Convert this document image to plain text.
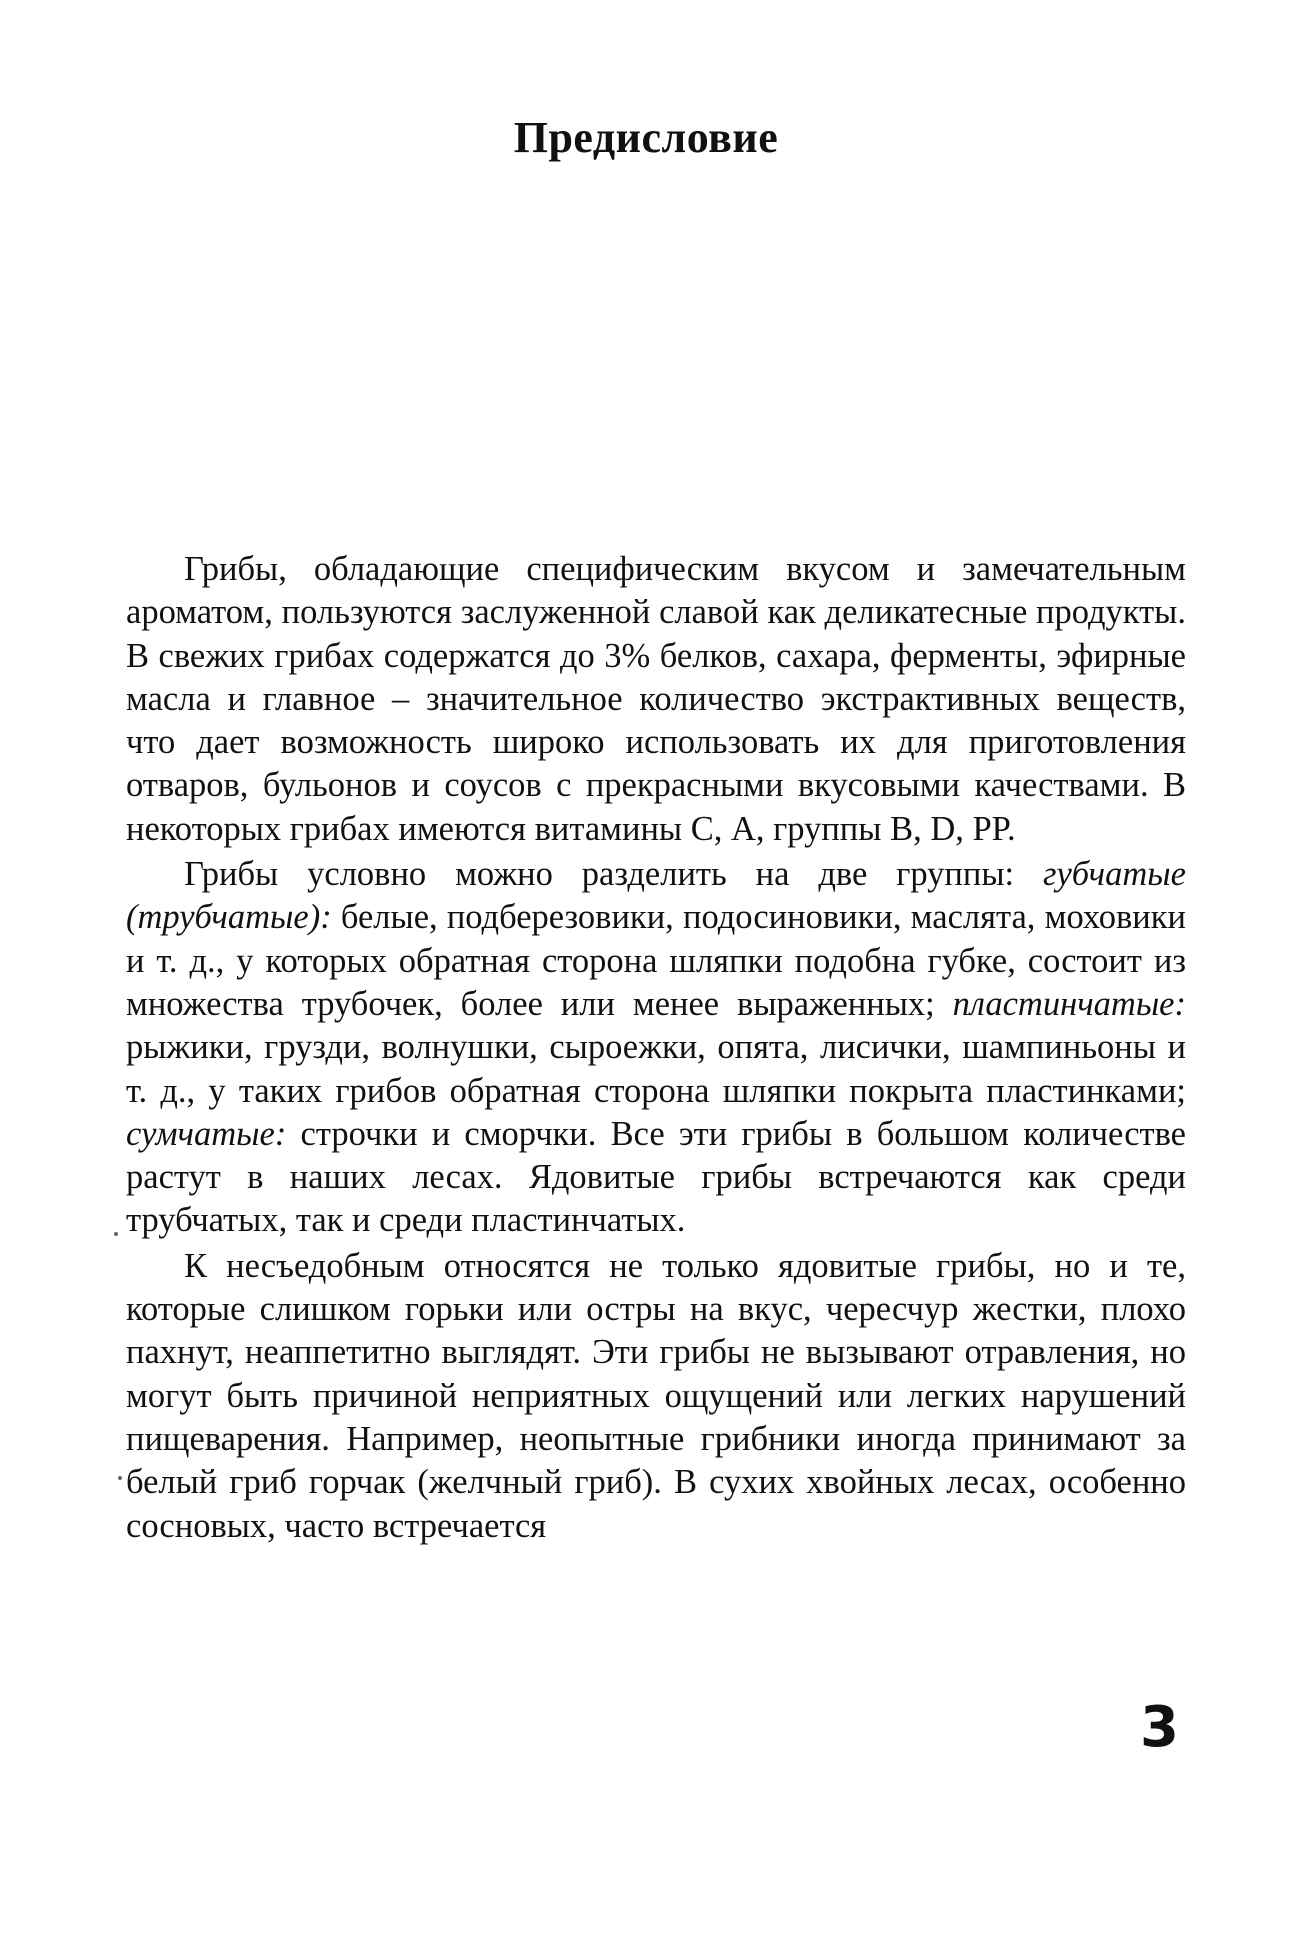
Предисловие

Грибы, обладающие специфическим вкусом и замечательным ароматом, пользуются заслуженной славой как деликатесные продукты. В свежих грибах содержатся до 3% белков, сахара, ферменты, эфирные масла и главное – значительное количество экстрактивных веществ, что дает возможность широко использовать их для приготовления отваров, бульонов и соусов с прекрасными вкусовыми качествами. В некоторых грибах имеются витамины С, А, группы В, D, PP.

Грибы условно можно разделить на две группы: губчатые (трубчатые): белые, подберезовики, подосиновики, маслята, моховики и т. д., у которых обратная сторона шляпки подобна губке, состоит из множества трубочек, более или менее выраженных; пластинчатые: рыжики, грузди, волнушки, сыроежки, опята, лисички, шампиньоны и т. д., у таких грибов обратная сторона шляпки покрыта пластинками; сумчатые: строчки и сморчки. Все эти грибы в большом количестве растут в наших лесах. Ядовитые грибы встречаются как среди трубчатых, так и среди пластинчатых.

К несъедобным относятся не только ядовитые грибы, но и те, которые слишком горьки или остры на вкус, чересчур жестки, плохо пахнут, неаппетитно выглядят. Эти грибы не вызывают отравления, но могут быть причиной неприятных ощущений или легких нарушений пищеварения. Например, неопытные грибники иногда принимают за белый гриб горчак (желчный гриб). В сухих хвойных лесах, особенно сосновых, часто встречается

3
